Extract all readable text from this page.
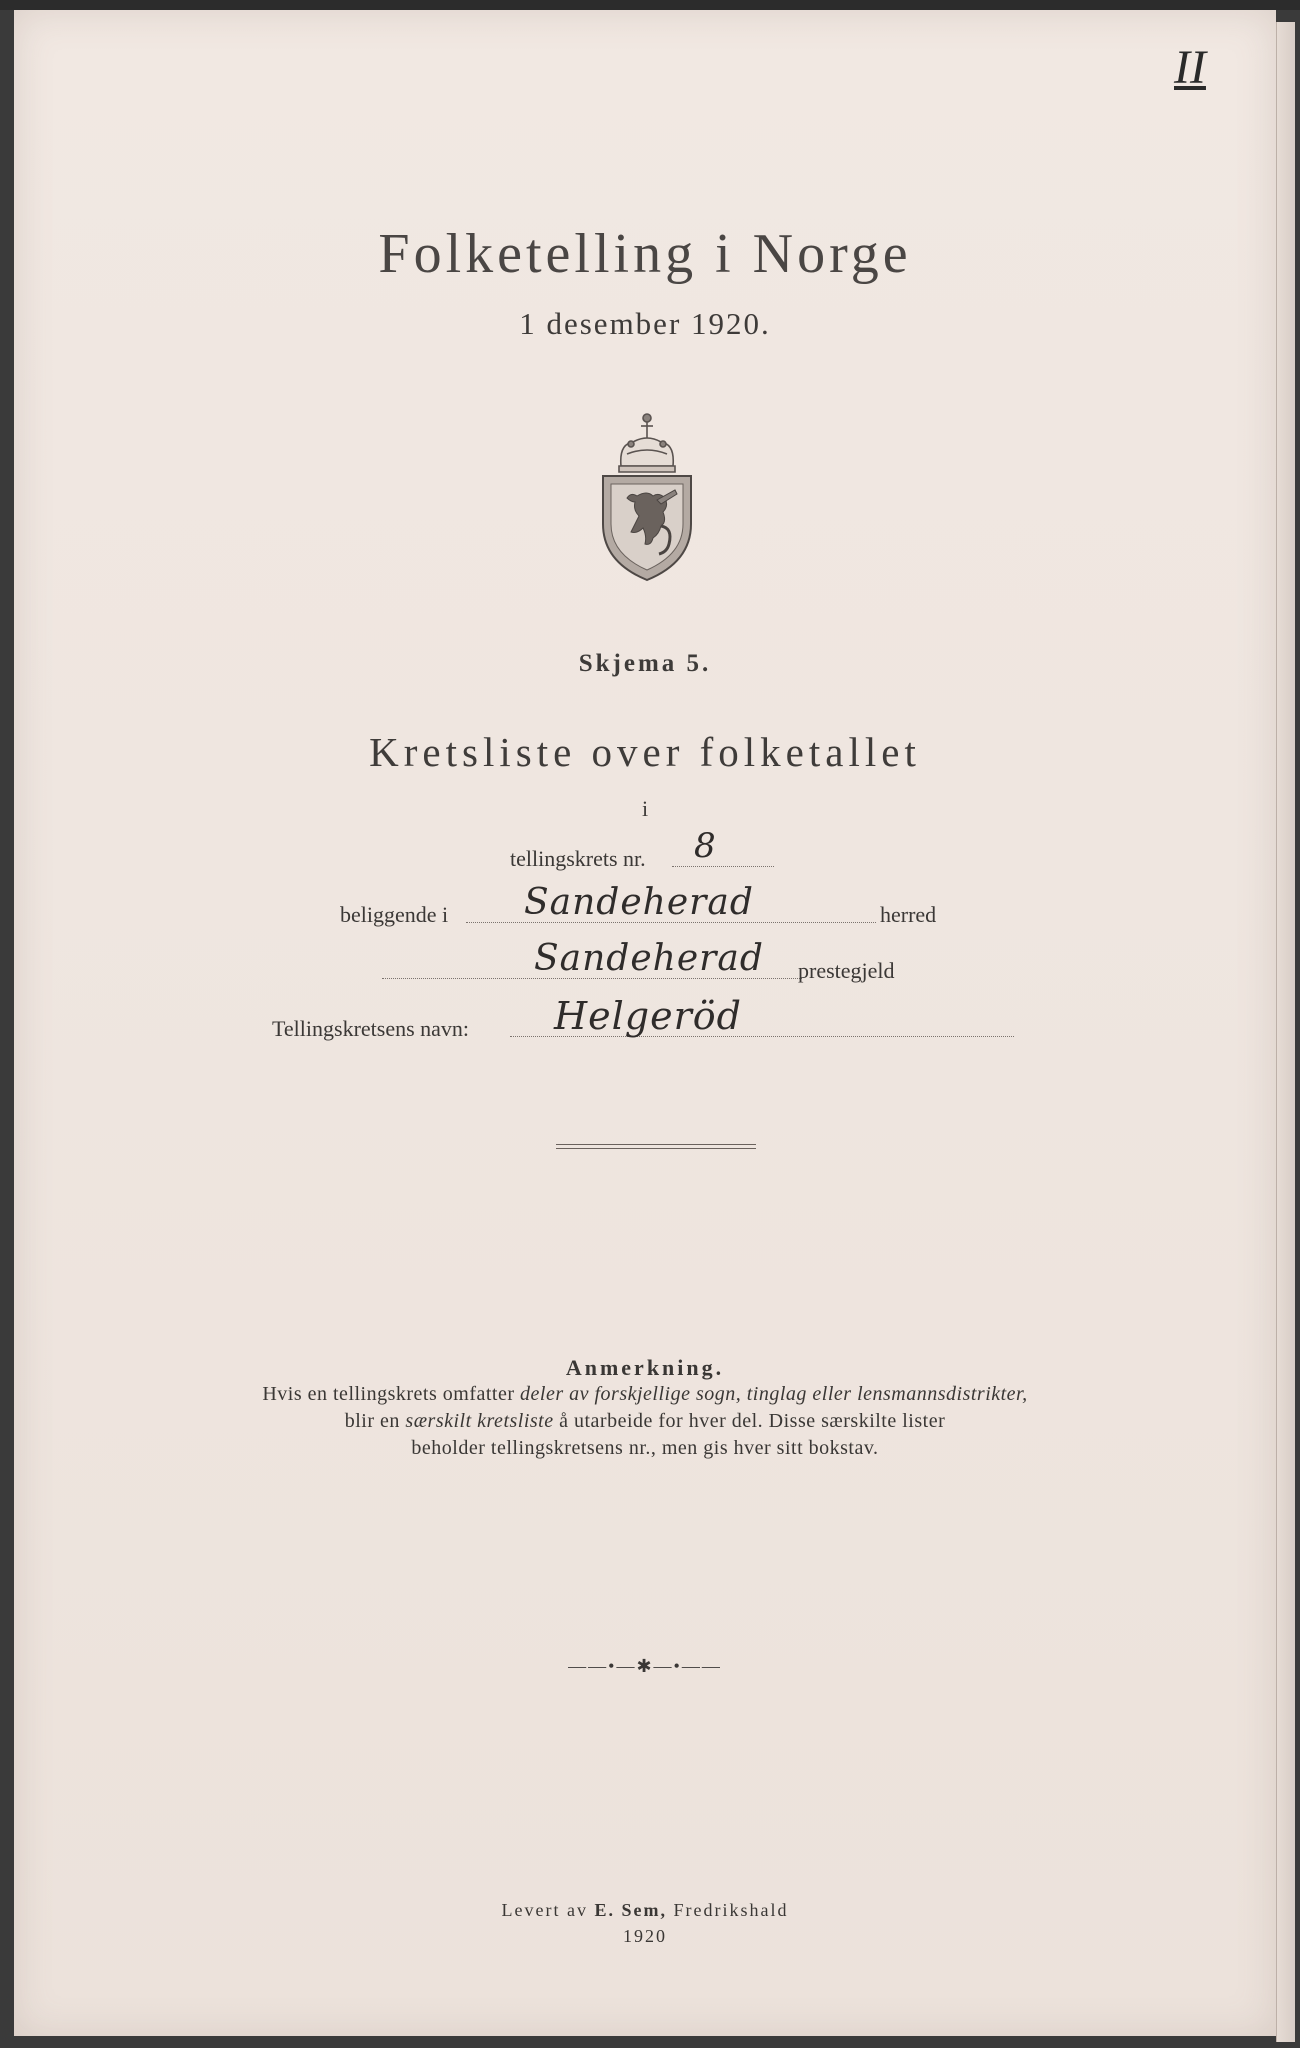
II
Folketelling i Norge
1 desember 1920.
Skjema 5.
Kretsliste over folketallet
i
tellingskrets nr. 8
beliggende i Sandeherad	herred
Sandeherad prestegjeld
Tellingskretsens navn: Helgeröd
Anmerkning.
Hvis en tellingskrets omfatter deler av forskjellige sogn, tinglag eller lensmannsdistrikter,
blir en særskilt kretsliste å utarbeide for hver del. Disse særskilte lister
beholder tellingskretsens nr., men gis hver sitt bokstav.
——•—✱—•——
Levert av E. Sem, Fredrikshald
1920
